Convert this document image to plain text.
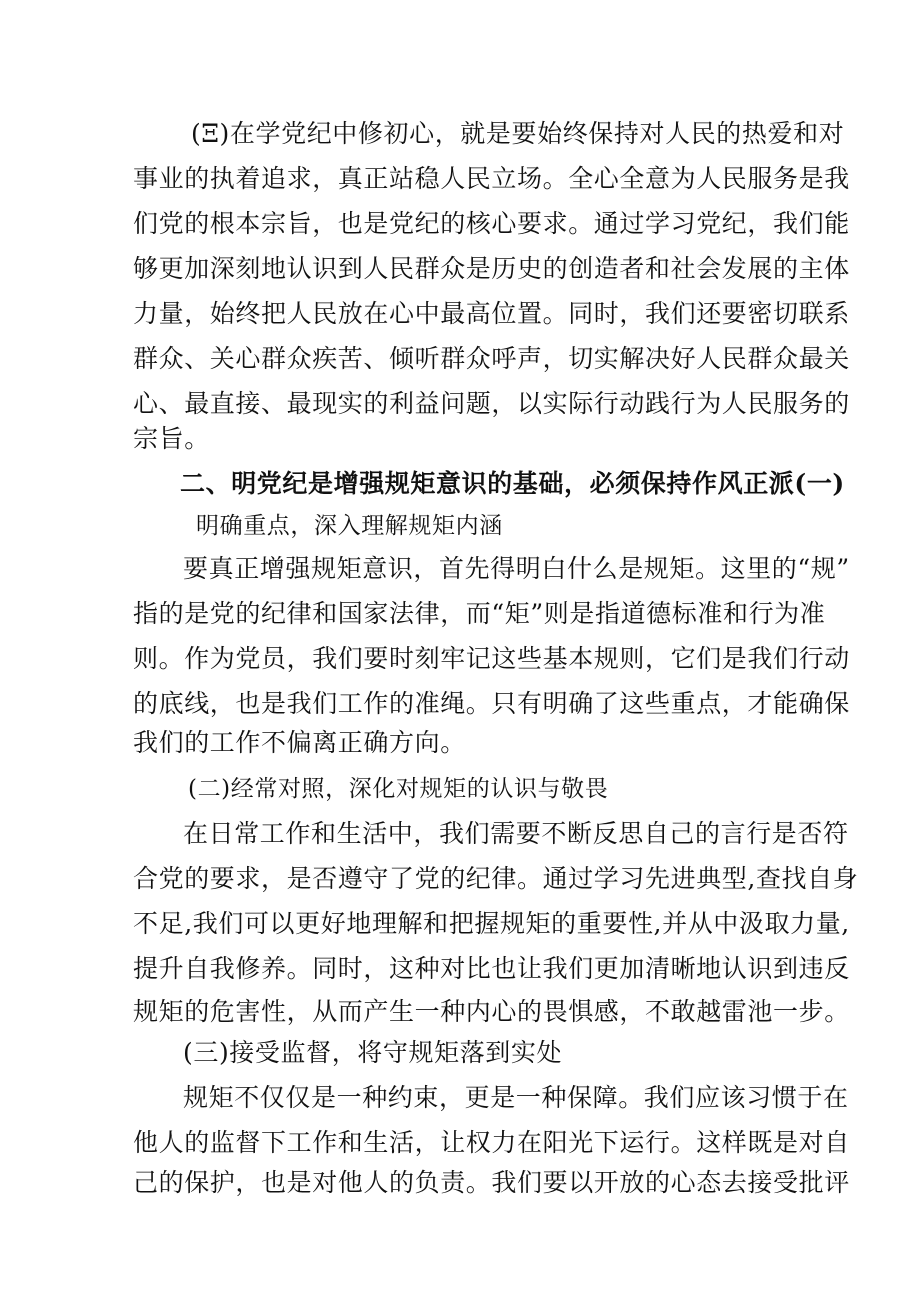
(Ξ)在学党纪中修初心，就是要始终保持对人民的热爱和对
事业的执着追求，真正站稳人民立场。全心全意为人民服务是我
们党的根本宗旨，也是党纪的核心要求。通过学习党纪，我们能
够更加深刻地认识到人民群众是历史的创造者和社会发展的主体
力量，始终把人民放在心中最高位置。同时，我们还要密切联系
群众、关心群众疾苦、倾听群众呼声，切实解决好人民群众最关
心、最直接、最现实的利益问题，以实际行动践行为人民服务的
宗旨。
二、明党纪是增强规矩意识的基础，必须保持作风正派(一)
明确重点，深入理解规矩内涵
要真正增强规矩意识，首先得明白什么是规矩。这里的“规”
指的是党的纪律和国家法律，而“矩”则是指道德标准和行为准
则。作为党员，我们要时刻牢记这些基本规则，它们是我们行动
的底线，也是我们工作的准绳。只有明确了这些重点，才能确保
我们的工作不偏离正确方向。
(二)经常对照，深化对规矩的认识与敬畏
在日常工作和生活中，我们需要不断反思自己的言行是否符
合党的要求，是否遵守了党的纪律。通过学习先进典型,查找自身
不足,我们可以更好地理解和把握规矩的重要性,并从中汲取力量,
提升自我修养。同时，这种对比也让我们更加清晰地认识到违反
规矩的危害性，从而产生一种内心的畏惧感，不敢越雷池一步。
(三)接受监督，将守规矩落到实处
规矩不仅仅是一种约束，更是一种保障。我们应该习惯于在
他人的监督下工作和生活，让权力在阳光下运行。这样既是对自
己的保护，也是对他人的负责。我们要以开放的心态去接受批评
